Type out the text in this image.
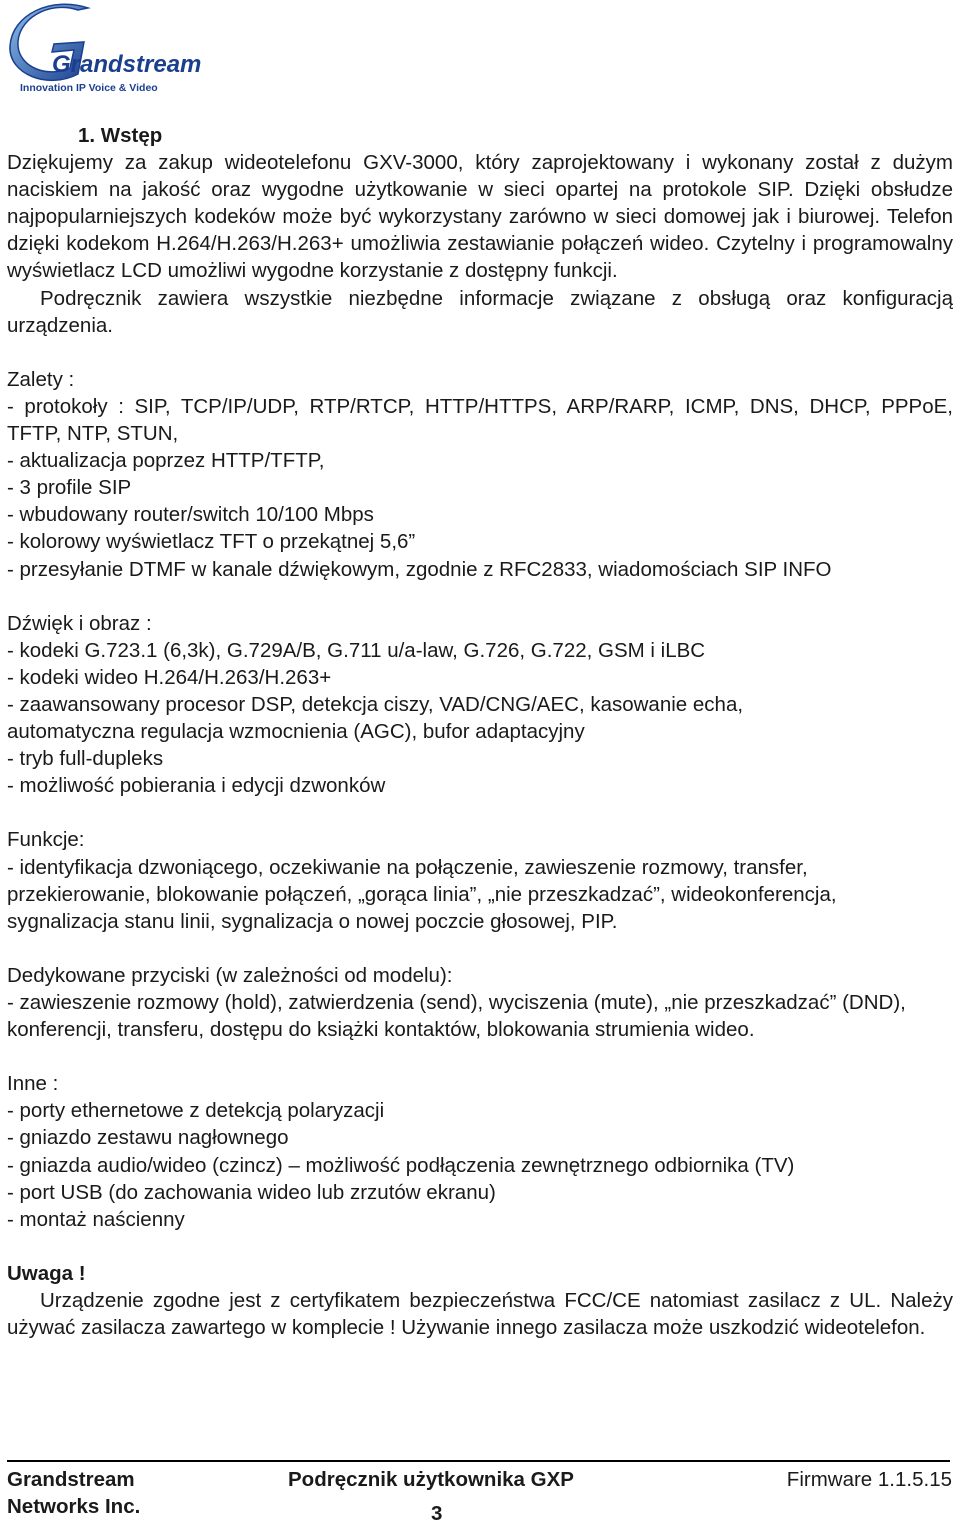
Grandstream
Innovation IP Voice & Video

1. Wstęp

Dziękujemy za zakup wideotelefonu GXV-3000, który zaprojektowany i wykonany został z dużym naciskiem na jakość oraz wygodne użytkowanie w sieci opartej na protokole SIP. Dzięki obsłudze najpopularniejszych kodeków może być wykorzystany zarówno w sieci domowej jak i biurowej. Telefon dzięki kodekom H.264/H.263/H.263+ umożliwia zestawianie połączeń wideo. Czytelny i programowalny wyświetlacz LCD umożliwi wygodne korzystanie z dostępny funkcji.

Podręcznik zawiera wszystkie niezbędne informacje związane z obsługą oraz konfiguracją urządzenia.

Zalety :

- protokoły : SIP, TCP/IP/UDP, RTP/RTCP, HTTP/HTTPS, ARP/RARP, ICMP, DNS, DHCP, PPPoE, TFTP, NTP, STUN,

- aktualizacja poprzez HTTP/TFTP,

- 3 profile SIP

- wbudowany router/switch 10/100 Mbps

- kolorowy wyświetlacz TFT o przekątnej 5,6”

- przesyłanie DTMF w kanale dźwiękowym, zgodnie z RFC2833, wiadomościach SIP INFO

Dźwięk i obraz :

- kodeki G.723.1 (6,3k), G.729A/B, G.711 u/a-law, G.726, G.722, GSM i iLBC

- kodeki wideo H.264/H.263/H.263+

- zaawansowany procesor DSP, detekcja ciszy, VAD/CNG/AEC, kasowanie echa, automatyczna regulacja wzmocnienia (AGC), bufor adaptacyjny

- tryb full-dupleks

- możliwość pobierania i edycji dzwonków

Funkcje:

- identyfikacja dzwoniącego, oczekiwanie na połączenie, zawieszenie rozmowy, transfer, przekierowanie, blokowanie połączeń, „gorąca linia”, „nie przeszkadzać”, wideokonferencja, sygnalizacja stanu linii, sygnalizacja o nowej poczcie głosowej, PIP.

Dedykowane przyciski (w zależności od modelu):

- zawieszenie rozmowy (hold), zatwierdzenia (send), wyciszenia (mute), „nie przeszkadzać” (DND), konferencji, transferu, dostępu do książki kontaktów, blokowania strumienia wideo.

Inne :

- porty ethernetowe z detekcją polaryzacji

- gniazdo zestawu nagłownego

- gniazda audio/wideo (czincz) – możliwość podłączenia zewnętrznego odbiornika (TV)

- port USB (do zachowania wideo lub zrzutów ekranu)

- montaż naścienny

Uwaga !

Urządzenie zgodne jest z certyfikatem bezpieczeństwa FCC/CE natomiast zasilacz z UL. Należy używać zasilacza zawartego w komplecie ! Używanie innego zasilacza może uszkodzić wideotelefon.

Grandstream
Networks Inc.
Podręcznik użytkownika GXP	Firmware 1.1.5.15
3
